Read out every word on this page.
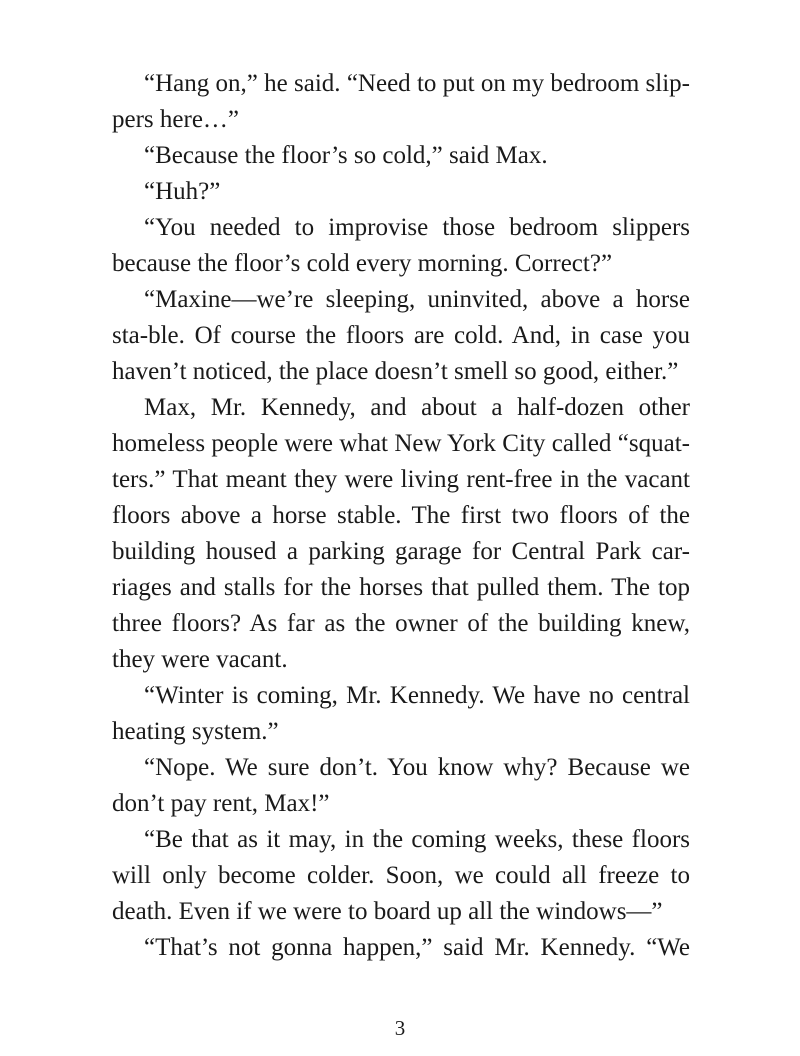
“Hang on,” he said. “Need to put on my bedroom slip-pers here…”

“Because the floor’s so cold,” said Max.

“Huh?”

“You needed to improvise those bedroom slippers because the floor’s cold every morning. Correct?”

“Maxine—we’re sleeping, uninvited, above a horse sta-ble. Of course the floors are cold. And, in case you haven’t noticed, the place doesn’t smell so good, either.”

Max, Mr. Kennedy, and about a half-dozen other homeless people were what New York City called “squat-ters.” That meant they were living rent-free in the vacant floors above a horse stable. The first two floors of the building housed a parking garage for Central Park car-riages and stalls for the horses that pulled them. The top three floors? As far as the owner of the building knew, they were vacant.

“Winter is coming, Mr. Kennedy. We have no central heating system.”

“Nope. We sure don’t. You know why? Because we don’t pay rent, Max!”

“Be that as it may, in the coming weeks, these floors will only become colder. Soon, we could all freeze to death. Even if we were to board up all the windows—”

“That’s not gonna happen,” said Mr. Kennedy. “We

3
